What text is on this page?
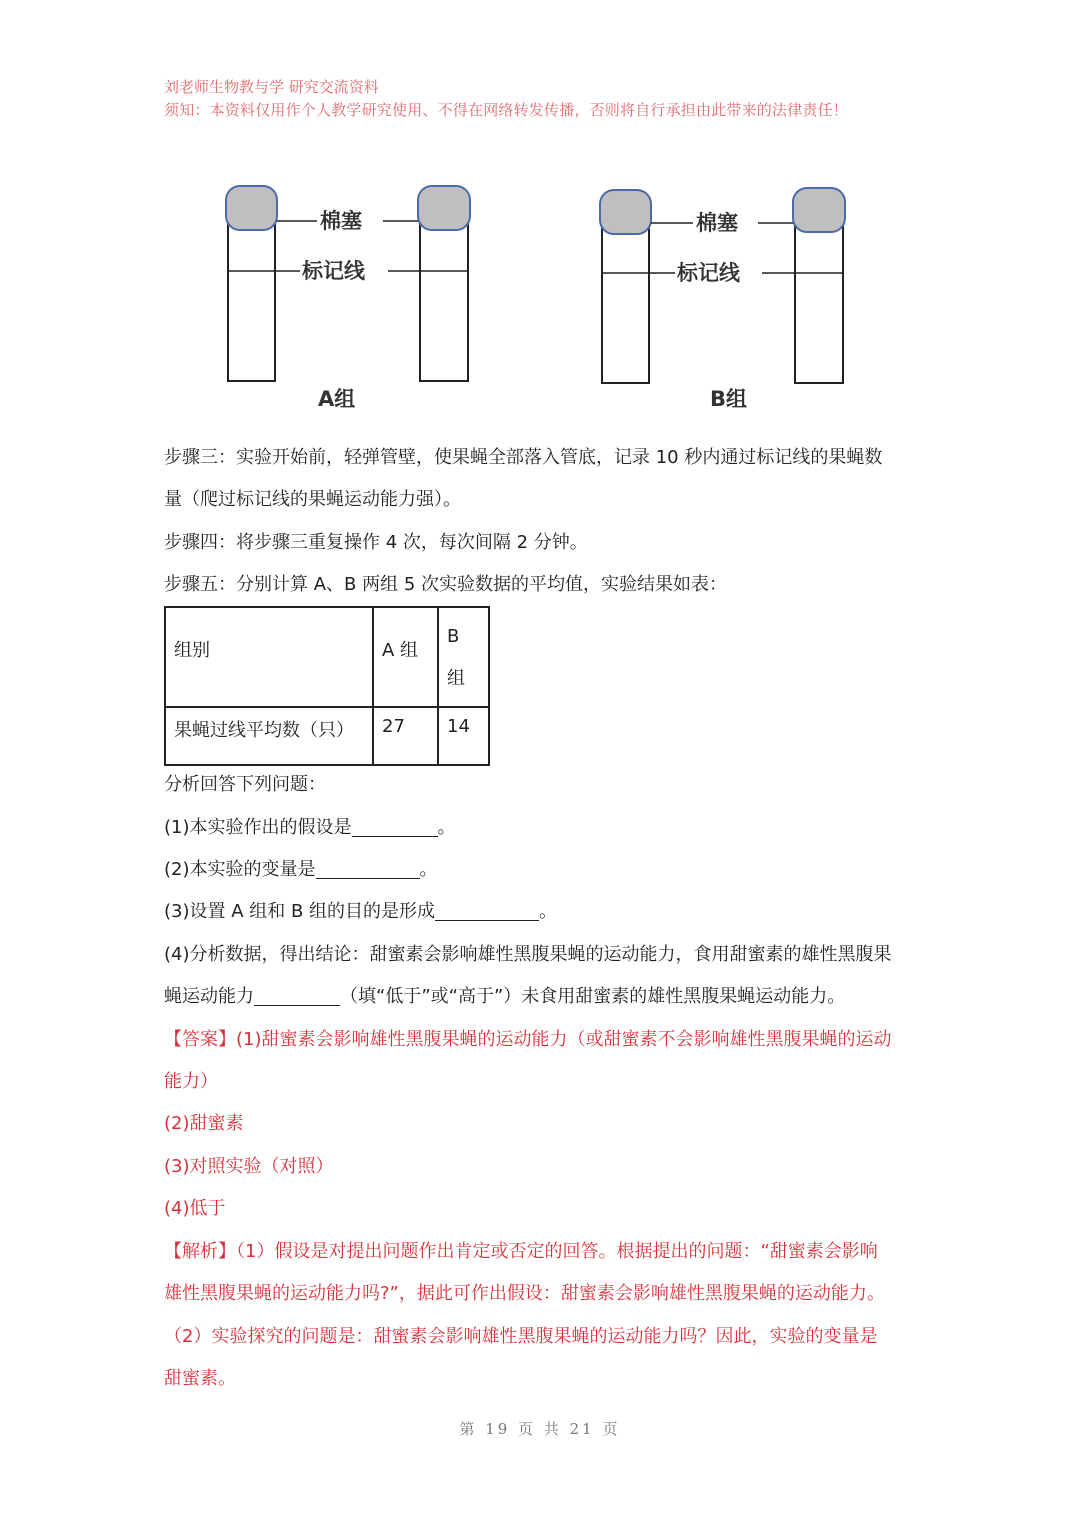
刘老师生物教与学 研究交流资料
须知：本资料仅用作个人教学研究使用、不得在网络转发传播，否则将自行承担由此带来的法律责任！
棉塞
标记线
A组
棉塞
标记线
B组
步骤三：实验开始前，轻弹管壁，使果蝇全部落入管底，记录 10 秒内通过标记线的果蝇数
量（爬过标记线的果蝇运动能力强）。
步骤四：将步骤三重复操作 4 次，每次间隔 2 分钟。
步骤五：分别计算 A、B 两组 5 次实验数据的平均值，实验结果如表：
组别	A 组	B
组

果蝇过线平均数（只）	27	14
分析回答下列问题：
(1)本实验作出的假设是	。
(2)本实验的变量是	。
(3)设置 A 组和 B 组的目的是形成	。
(4)分析数据，得出结论：甜蜜素会影响雄性黑腹果蝇的运动能力，食用甜蜜素的雄性黑腹果
蝇运动能力	（填“低于”或“高于”）未食用甜蜜素的雄性黑腹果蝇运动能力。
【答案】(1)甜蜜素会影响雄性黑腹果蝇的运动能力（或甜蜜素不会影响雄性黑腹果蝇的运动
能力）
(2)甜蜜素
(3)对照实验（对照）
(4)低于
【解析】（1）假设是对提出问题作出肯定或否定的回答。根据提出的问题：“甜蜜素会影响
雄性黑腹果蝇的运动能力吗?”，据此可作出假设：甜蜜素会影响雄性黑腹果蝇的运动能力。
（2）实验探究的问题是：甜蜜素会影响雄性黑腹果蝇的运动能力吗？因此，实验的变量是
甜蜜素。
第 19 页 共 21 页
